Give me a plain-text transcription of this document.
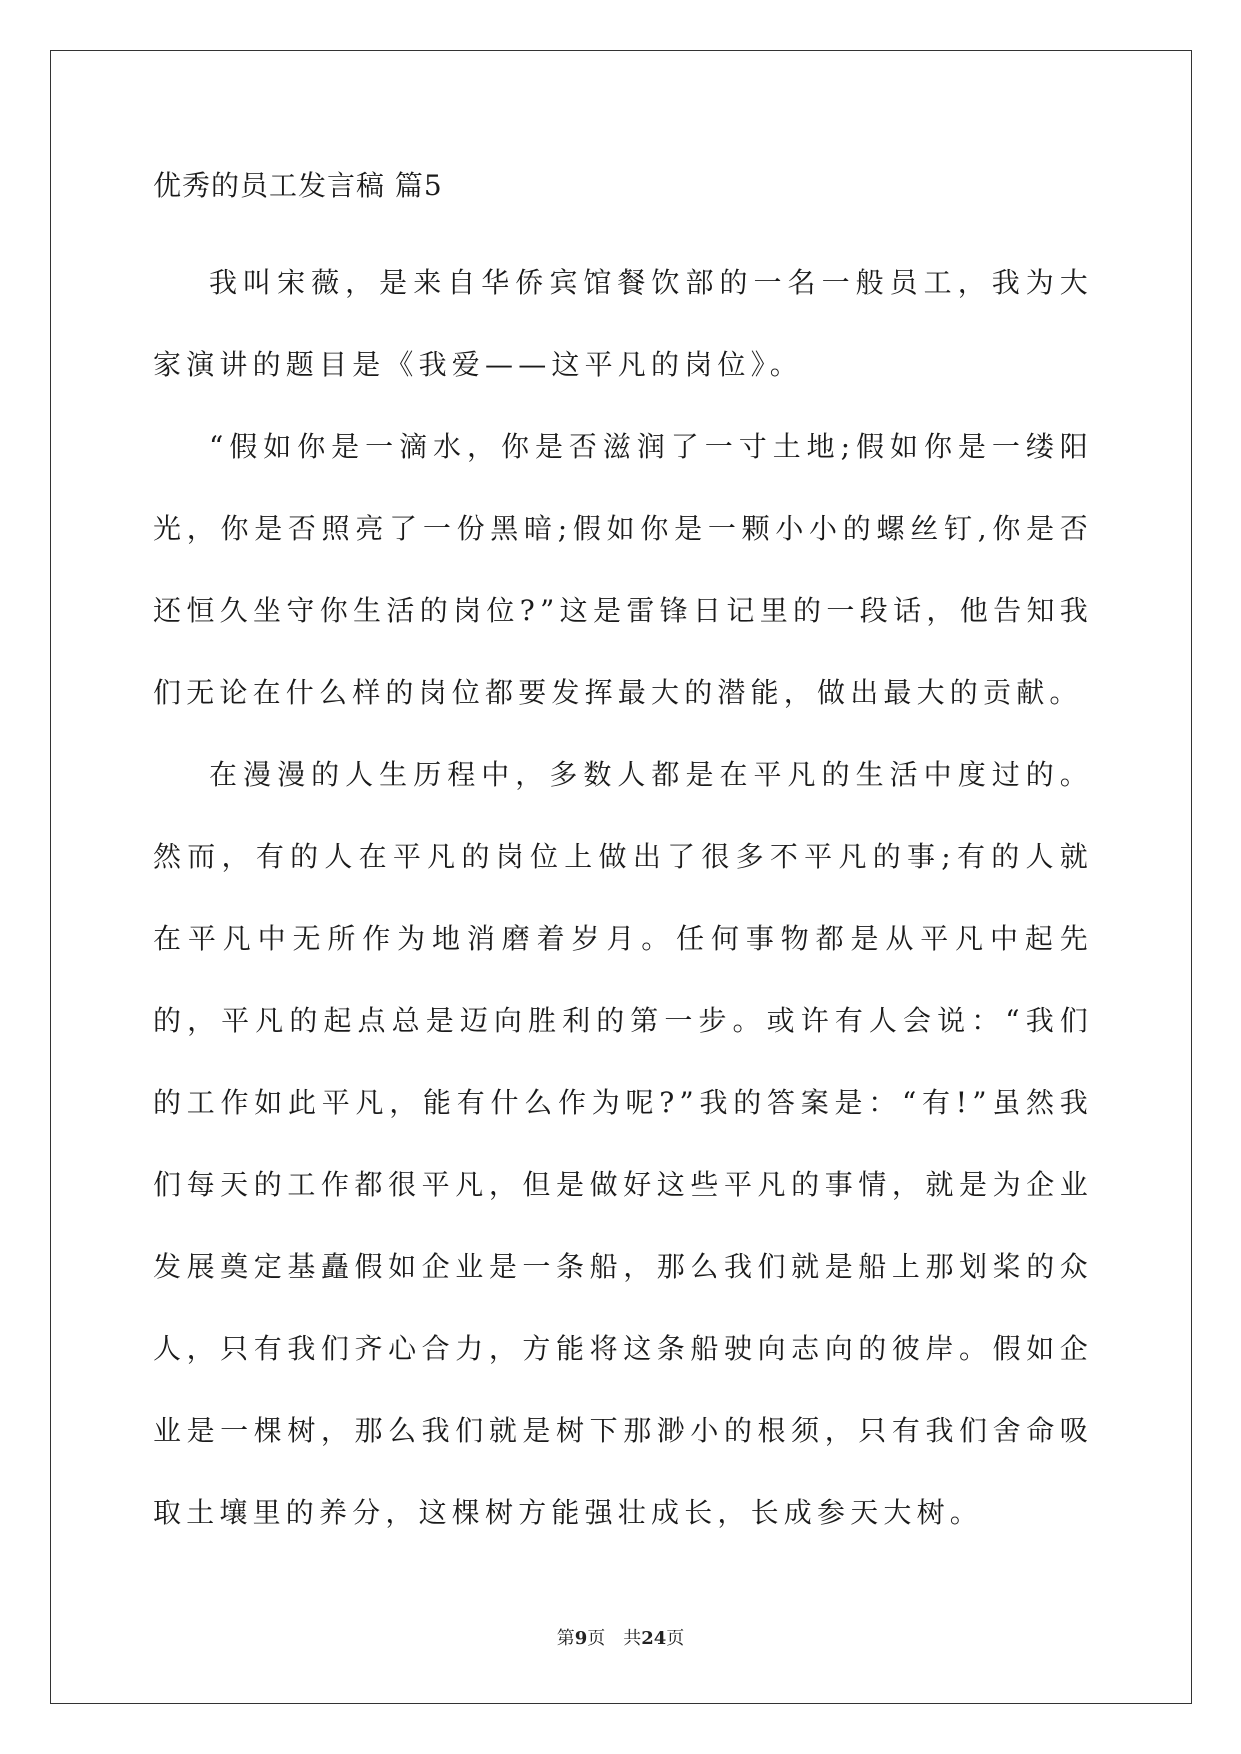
优秀的员工发言稿 篇5

我叫宋薇，是来自华侨宾馆餐饮部的一名一般员工，我为大家演讲的题目是《我爱——这平凡的岗位》。

“假如你是一滴水，你是否滋润了一寸土地;假如你是一缕阳光，你是否照亮了一份黑暗;假如你是一颗小小的螺丝钉,你是否还恒久坐守你生活的岗位?”这是雷锋日记里的一段话，他告知我们无论在什么样的岗位都要发挥最大的潜能，做出最大的贡献。

在漫漫的人生历程中，多数人都是在平凡的生活中度过的。然而，有的人在平凡的岗位上做出了很多不平凡的事;有的人就在平凡中无所作为地消磨着岁月。任何事物都是从平凡中起先的，平凡的起点总是迈向胜利的第一步。或许有人会说：“我们的工作如此平凡，能有什么作为呢?”我的答案是：“有!”虽然我们每天的工作都很平凡，但是做好这些平凡的事情，就是为企业发展奠定基矗假如企业是一条船，那么我们就是船上那划桨的众人，只有我们齐心合力，方能将这条船驶向志向的彼岸。假如企业是一棵树，那么我们就是树下那渺小的根须，只有我们舍命吸取土壤里的养分，这棵树方能强壮成长，长成参天大树。

第9页　共24页
